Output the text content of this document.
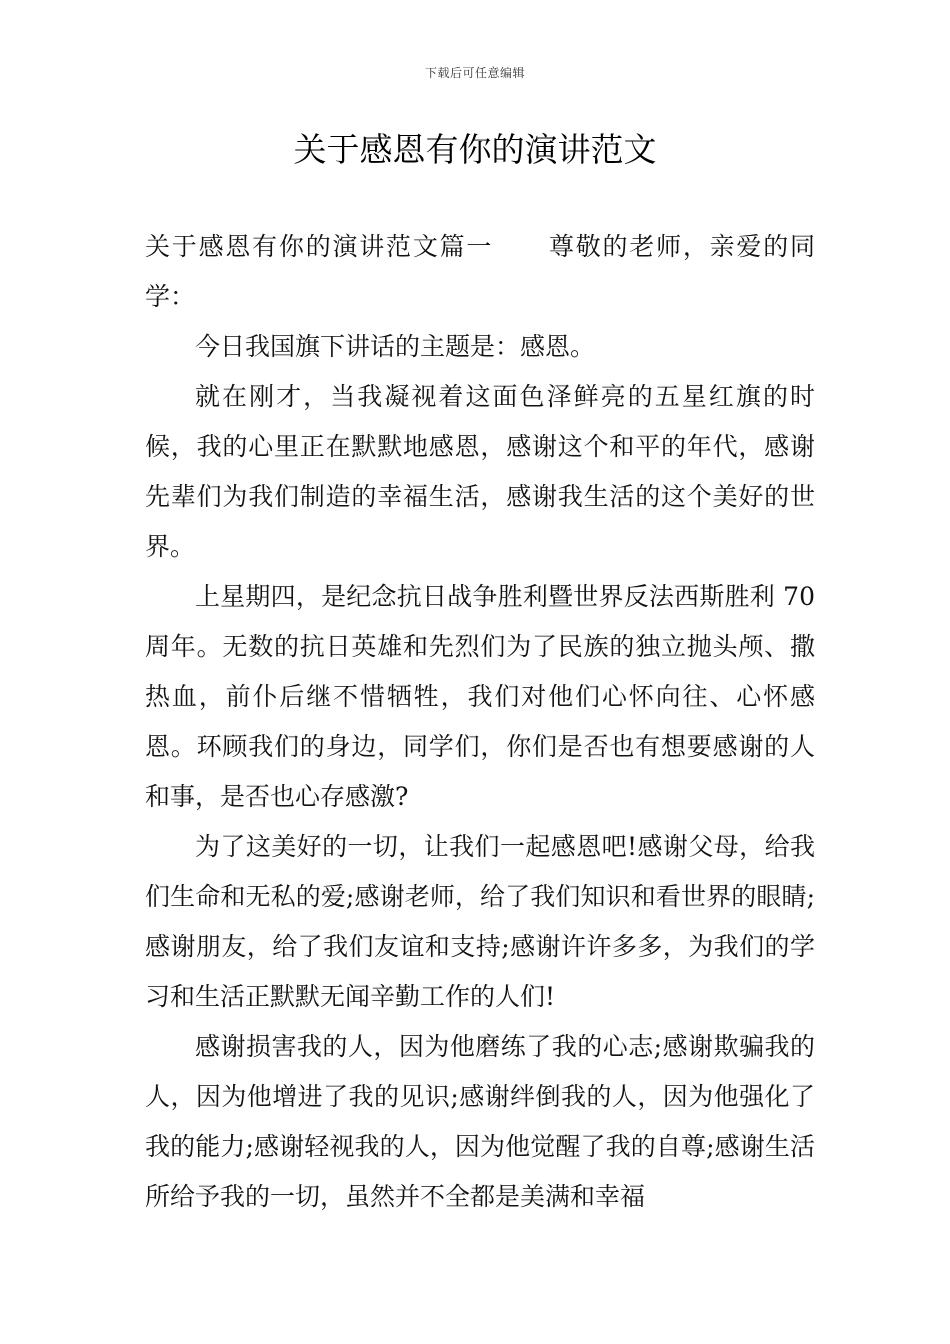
下载后可任意编辑
关于感恩有你的演讲范文

关于感恩有你的演讲范文篇一 尊敬的老师，亲爱的同学：

今日我国旗下讲话的主题是：感恩。

就在刚才，当我凝视着这面色泽鲜亮的五星红旗的时候，我的心里正在默默地感恩，感谢这个和平的年代，感谢先辈们为我们制造的幸福生活，感谢我生活的这个美好的世界。

上星期四，是纪念抗日战争胜利暨世界反法西斯胜利 70 周年。无数的抗日英雄和先烈们为了民族的独立抛头颅、撒热血，前仆后继不惜牺牲，我们对他们心怀向往、心怀感恩。环顾我们的身边，同学们，你们是否也有想要感谢的人和事，是否也心存感激?

为了这美好的一切，让我们一起感恩吧!感谢父母，给我们生命和无私的爱;感谢老师，给了我们知识和看世界的眼睛;感谢朋友，给了我们友谊和支持;感谢许许多多，为我们的学习和生活正默默无闻辛勤工作的人们!

感谢损害我的人，因为他磨练了我的心志;感谢欺骗我的人，因为他增进了我的见识;感谢绊倒我的人，因为他强化了我的能力;感谢轻视我的人，因为他觉醒了我的自尊;感谢生活所给予我的一切，虽然并不全都是美满和幸福
